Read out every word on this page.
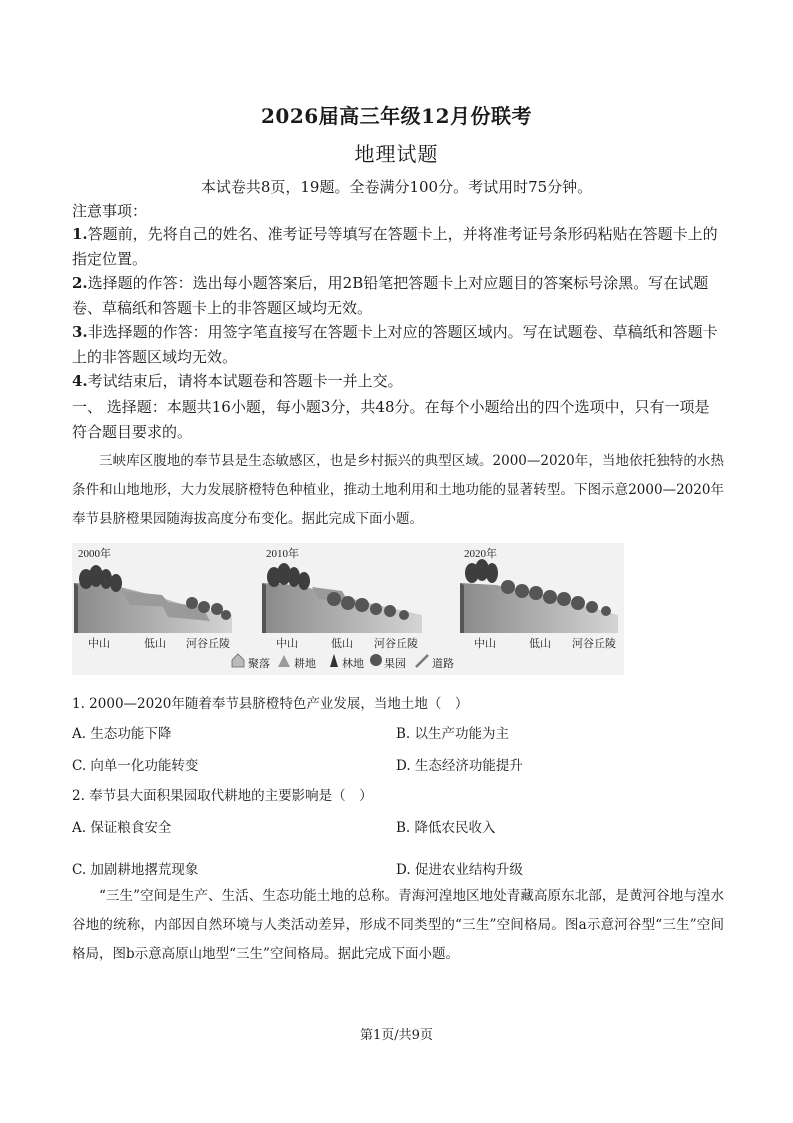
2026届高三年级12月份联考
地理试题
本试卷共8页，19题。全卷满分100分。考试用时75分钟。
注意事项：
1.答题前，先将自己的姓名、准考证号等填写在答题卡上，并将准考证号条形码粘贴在答题卡上的指定位置。
2.选择题的作答：选出每小题答案后，用2B铅笔把答题卡上对应题目的答案标号涂黑。写在试题卷、草稿纸和答题卡上的非答题区域均无效。
3.非选择题的作答：用签字笔直接写在答题卡上对应的答题区域内。写在试题卷、草稿纸和答题卡上的非答题区域均无效。
4.考试结束后，请将本试题卷和答题卡一并上交。
一、 选择题：本题共16小题，每小题3分，共48分。在每个小题给出的四个选项中，只有一项是符合题目要求的。
三峡库区腹地的奉节县是生态敏感区，也是乡村振兴的典型区域。2000—2020年，当地依托独特的水热条件和山地地形，大力发展脐橙特色种植业，推动土地利用和土地功能的显著转型。下图示意2000—2020年奉节县脐橙果园随海拔高度分布变化。据此完成下面小题。
中山	低山 河谷丘陵	中山	低山 河谷丘陵	中山	低山 河谷丘陵
2000年	2010年	2020年
聚落 耕地 林地 果园 道路
1. 2000—2020年随着奉节县脐橙特色产业发展，当地土地（　）
A. 生态功能下降	B. 以生产功能为主
C. 向单一化功能转变	D. 生态经济功能提升
2. 奉节县大面积果园取代耕地的主要影响是（　）
A. 保证粮食安全	B. 降低农民收入
C. 加剧耕地撂荒现象	D. 促进农业结构升级
“三生”空间是生产、生活、生态功能土地的总称。青海河湟地区地处青藏高原东北部，是黄河谷地与湟水谷地的统称，内部因自然环境与人类活动差异，形成不同类型的“三生”空间格局。图a示意河谷型“三生”空间格局，图b示意高原山地型“三生”空间格局。据此完成下面小题。
第1页/共9页
